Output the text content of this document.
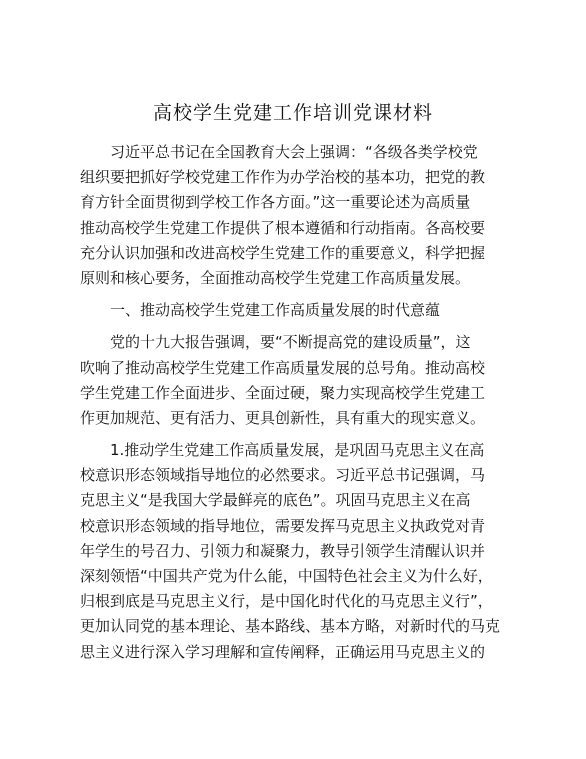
高校学生党建工作培训党课材料
习近平总书记在全国教育大会上强调：“各级各类学校党
组织要把抓好学校党建工作作为办学治校的基本功，把党的教
育方针全面贯彻到学校工作各方面。”这一重要论述为高质量
推动高校学生党建工作提供了根本遵循和行动指南。各高校要
充分认识加强和改进高校学生党建工作的重要意义，科学把握
原则和核心要务，全面推动高校学生党建工作高质量发展。
一、推动高校学生党建工作高质量发展的时代意蕴
党的十九大报告强调，要“不断提高党的建设质量”，这
吹响了推动高校学生党建工作高质量发展的总号角。推动高校
学生党建工作全面进步、全面过硬，聚力实现高校学生党建工
作更加规范、更有活力、更具创新性，具有重大的现实意义。
1.推动学生党建工作高质量发展，是巩固马克思主义在高
校意识形态领域指导地位的必然要求。习近平总书记强调，马
克思主义“是我国大学最鲜亮的底色”。巩固马克思主义在高
校意识形态领域的指导地位，需要发挥马克思主义执政党对青
年学生的号召力、引领力和凝聚力，教导引领学生清醒认识并
深刻领悟“中国共产党为什么能，中国特色社会主义为什么好，
归根到底是马克思主义行，是中国化时代化的马克思主义行”，
更加认同党的基本理论、基本路线、基本方略，对新时代的马克
思主义进行深入学习理解和宣传阐释，正确运用马克思主义的
